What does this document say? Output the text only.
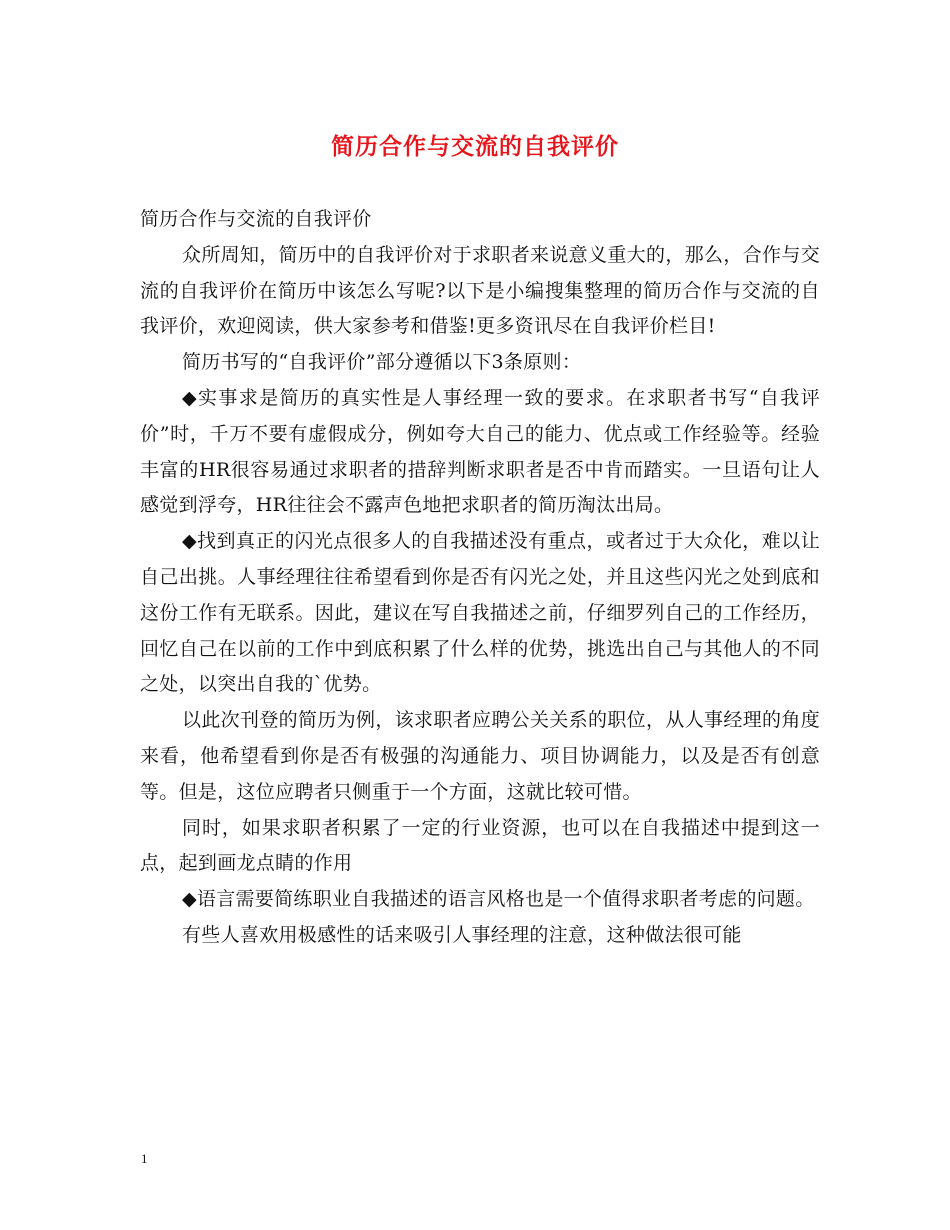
简历合作与交流的自我评价

简历合作与交流的自我评价

众所周知，简历中的自我评价对于求职者来说意义重大的，那么，合作与交流的自我评价在简历中该怎么写呢?以下是小编搜集整理的简历合作与交流的自我评价，欢迎阅读，供大家参考和借鉴!更多资讯尽在自我评价栏目!

简历书写的“自我评价”部分遵循以下3条原则：

◆实事求是简历的真实性是人事经理一致的要求。在求职者书写“自我评价”时，千万不要有虚假成分，例如夸大自己的能力、优点或工作经验等。经验丰富的HR很容易通过求职者的措辞判断求职者是否中肯而踏实。一旦语句让人感觉到浮夸，HR往往会不露声色地把求职者的简历淘汰出局。

◆找到真正的闪光点很多人的自我描述没有重点，或者过于大众化，难以让自己出挑。人事经理往往希望看到你是否有闪光之处，并且这些闪光之处到底和这份工作有无联系。因此，建议在写自我描述之前，仔细罗列自己的工作经历，回忆自己在以前的工作中到底积累了什么样的优势，挑选出自己与其他人的不同之处，以突出自我的`优势。

以此次刊登的简历为例，该求职者应聘公关关系的职位，从人事经理的角度来看，他希望看到你是否有极强的沟通能力、项目协调能力，以及是否有创意等。但是，这位应聘者只侧重于一个方面，这就比较可惜。

同时，如果求职者积累了一定的行业资源，也可以在自我描述中提到这一点，起到画龙点睛的作用

◆语言需要简练职业自我描述的语言风格也是一个值得求职者考虑的问题。

有些人喜欢用极感性的话来吸引人事经理的注意，这种做法很可能

1
